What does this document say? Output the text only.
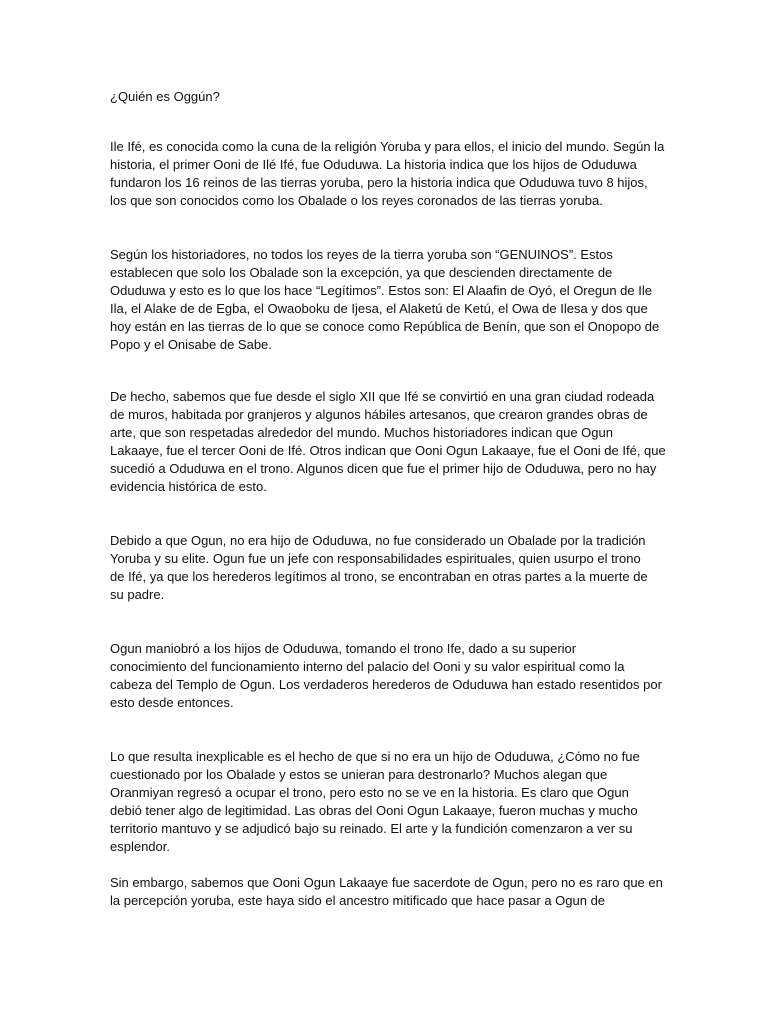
¿Quién es Oggún?

Ile Ifé, es conocida como la cuna de la religión Yoruba y para ellos, el inicio del mundo. Según la
historia, el primer Ooni de Ilé Ifé, fue Oduduwa. La historia indica que los hijos de Oduduwa
fundaron los 16 reinos de las tierras yoruba, pero la historia indica que Oduduwa tuvo 8 hijos,
los que son conocidos como los Obalade o los reyes coronados de las tierras yoruba.

Según los historiadores, no todos los reyes de la tierra yoruba son “GENUINOS”. Estos
establecen que solo los Obalade son la excepción, ya que descienden directamente de
Oduduwa y esto es lo que los hace “Legítimos”. Estos son: El Alaafin de Oyó, el Oregun de Ile
Ila, el Alake de de Egba, el Owaoboku de Ijesa, el Alaketú de Ketú, el Owa de Ilesa y dos que
hoy están en las tierras de lo que se conoce como República de Benín, que son el Onopopo de
Popo y el Onisabe de Sabe.

De hecho, sabemos que fue desde el siglo XII que Ifé se convirtió en una gran ciudad rodeada
de muros, habitada por granjeros y algunos hábiles artesanos, que crearon grandes obras de
arte, que son respetadas alrededor del mundo. Muchos historiadores indican que Ogun
Lakaaye, fue el tercer Ooni de Ifé. Otros indican que Ooni Ogun Lakaaye, fue el Ooni de Ifé, que
sucedió a Oduduwa en el trono. Algunos dicen que fue el primer hijo de Oduduwa, pero no hay
evidencia histórica de esto.

Debido a que Ogun, no era hijo de Oduduwa, no fue considerado un Obalade por la tradición
Yoruba y su elite. Ogun fue un jefe con responsabilidades espirituales, quien usurpo el trono
de Ifé, ya que los herederos legítimos al trono, se encontraban en otras partes a la muerte de
su padre.

Ogun maniobró a los hijos de Oduduwa, tomando el trono Ife, dado a su superior
conocimiento del funcionamiento interno del palacio del Ooni y su valor espiritual como la
cabeza del Templo de Ogun. Los verdaderos herederos de Oduduwa han estado resentidos por
esto desde entonces.

Lo que resulta inexplicable es el hecho de que si no era un hijo de Oduduwa, ¿Cómo no fue
cuestionado por los Obalade y estos se unieran para destronarlo? Muchos alegan que
Oranmiyan regresó a ocupar el trono, pero esto no se ve en la historia. Es claro que Ogun
debió tener algo de legitimidad. Las obras del Ooni Ogun Lakaaye, fueron muchas y mucho
territorio mantuvo y se adjudicó bajo su reinado. El arte y la fundición comenzaron a ver su
esplendor.

Sin embargo, sabemos que Ooni Ogun Lakaaye fue sacerdote de Ogun, pero no es raro que en
la percepción yoruba, este haya sido el ancestro mitificado que hace pasar a Ogun de
